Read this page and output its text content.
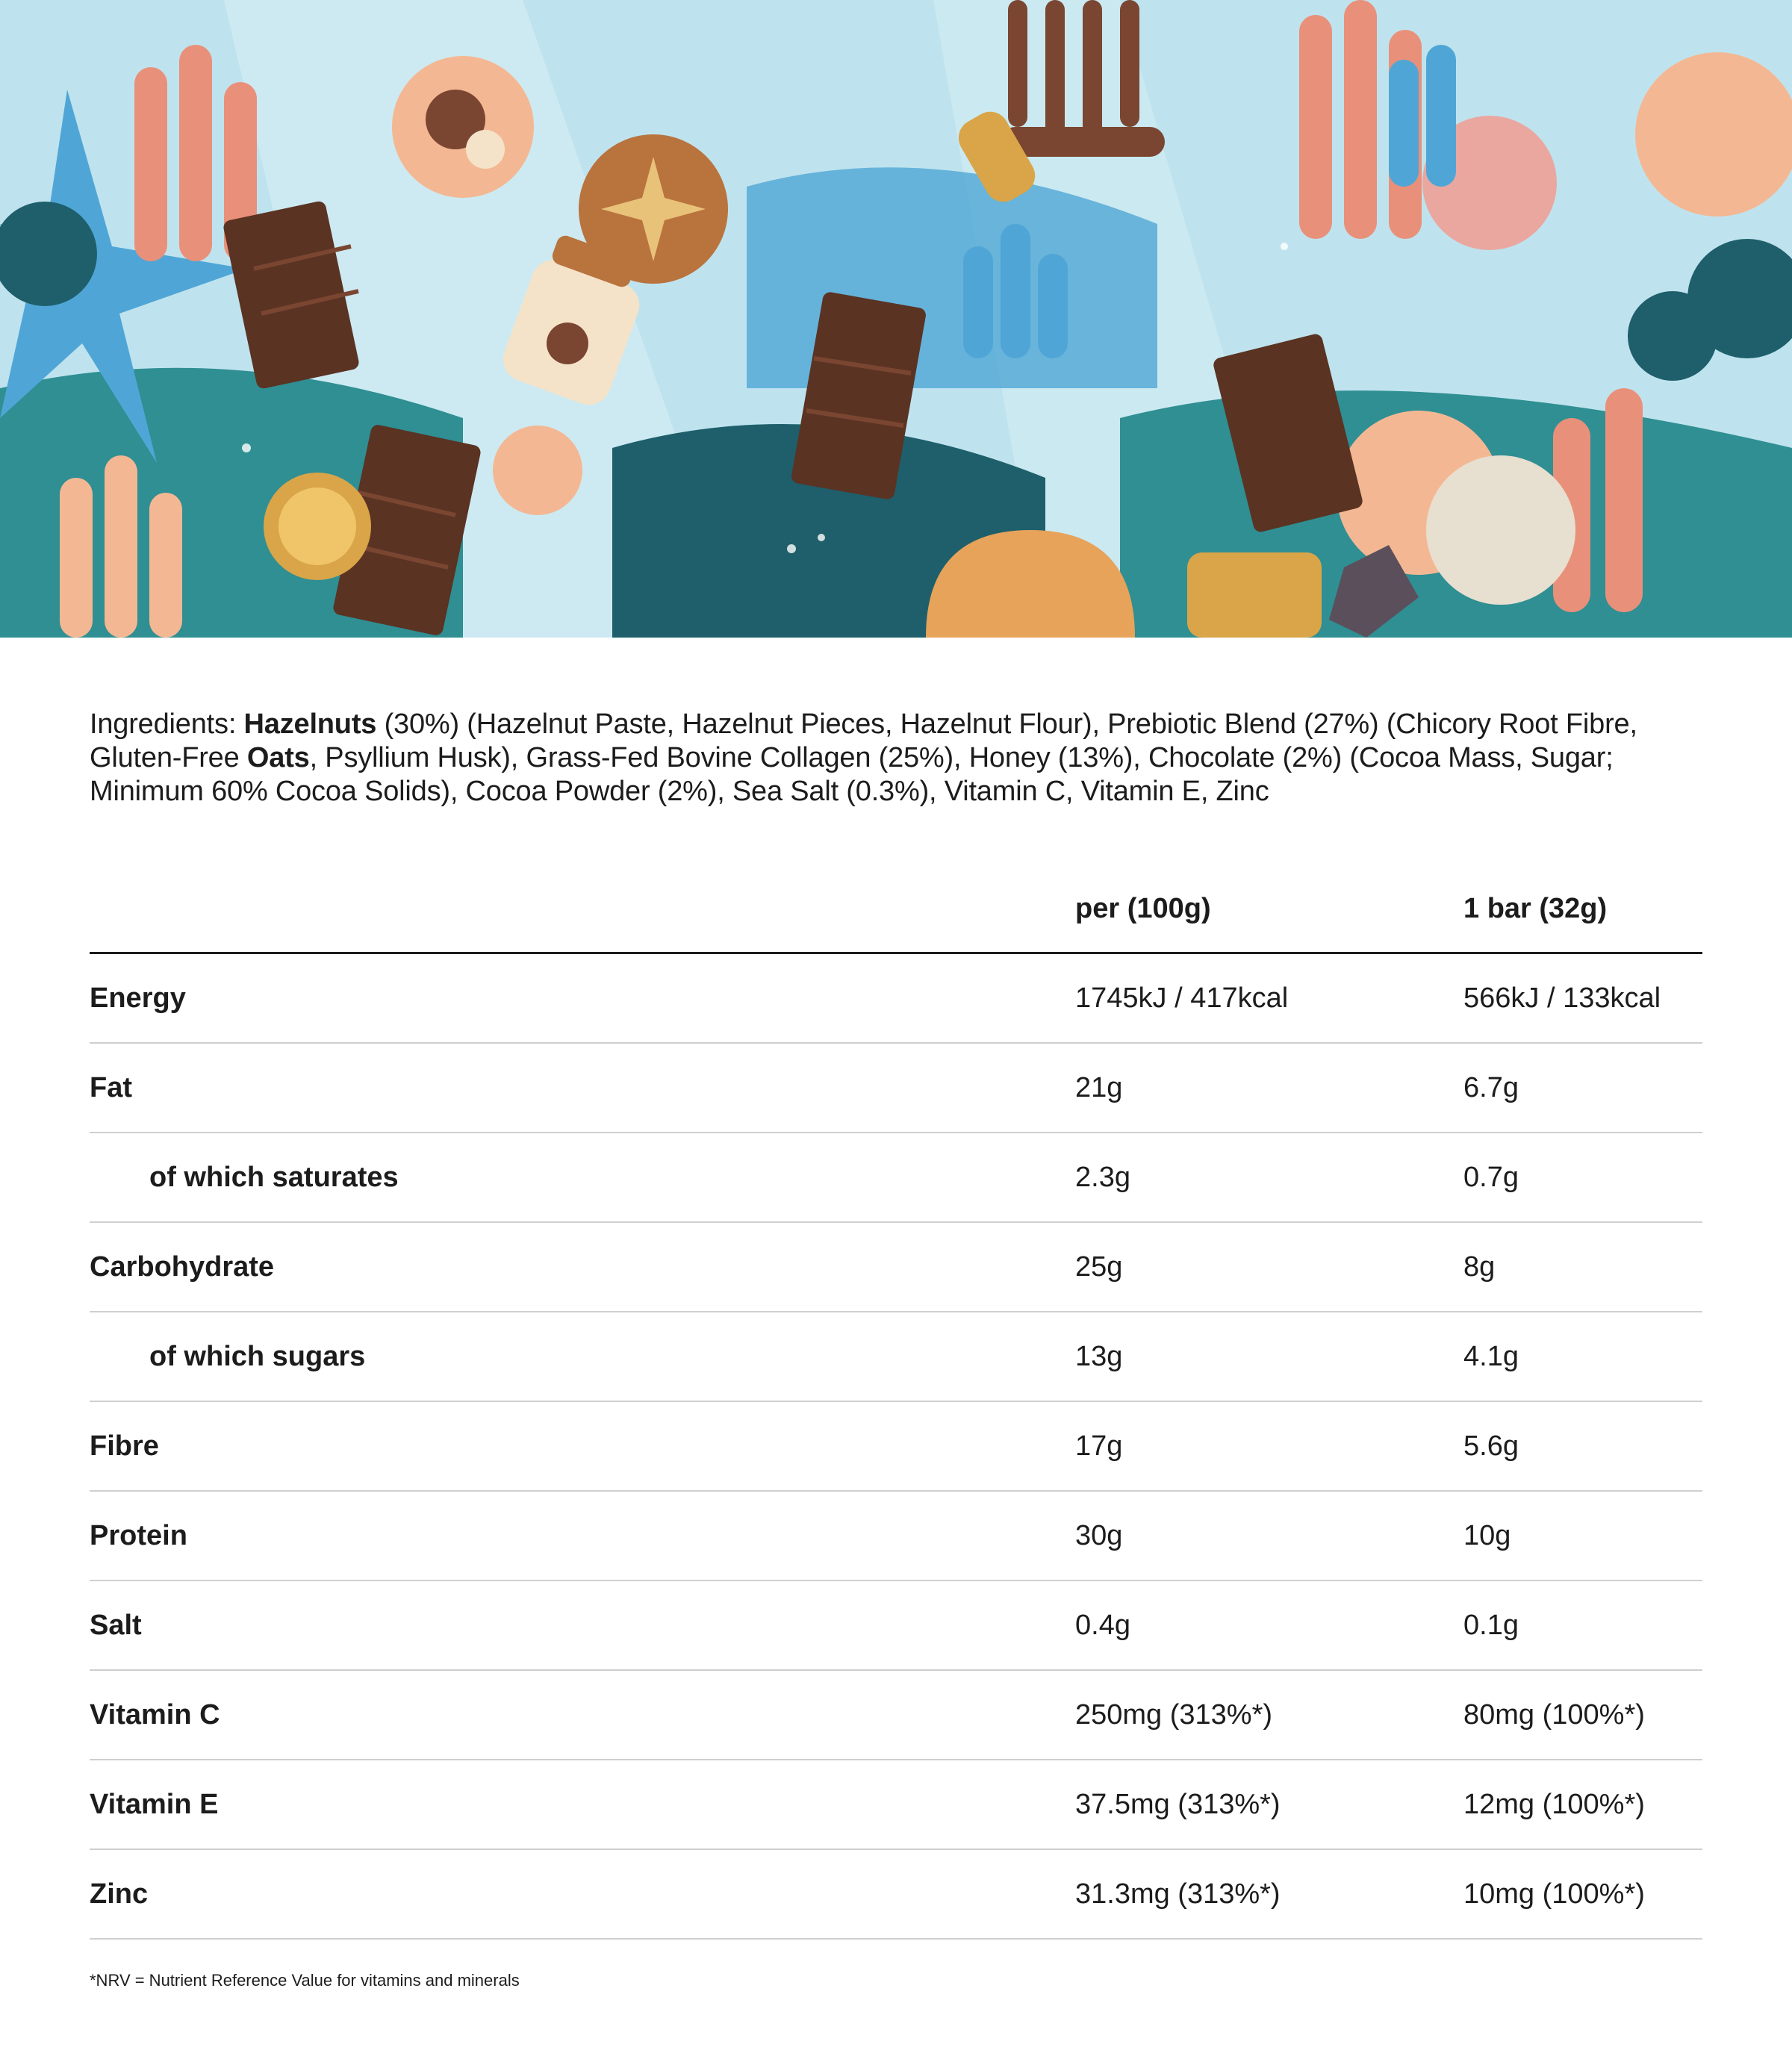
Ingredients: Hazelnuts (30%) (Hazelnut Paste, Hazelnut Pieces, Hazelnut Flour), Prebiotic Blend (27%) (Chicory Root Fibre, Gluten-Free Oats, Psyllium Husk), Grass-Fed Bovine Collagen (25%), Honey (13%), Chocolate (2%) (Cocoa Mass, Sugar; Minimum 60% Cocoa Solids), Cocoa Powder (2%), Sea Salt (0.3%), Vitamin C, Vitamin E, Zinc
per (100g)	1 bar (32g)
Energy	1745kJ / 417kcal	566kJ / 133kcal
Fat	21g	6.7g
of which saturates	2.3g	0.7g
Carbohydrate	25g	8g
of which sugars	13g	4.1g
Fibre	17g	5.6g
Protein	30g	10g
Salt	0.4g	0.1g
Vitamin C	250mg (313%*)	80mg (100%*)
Vitamin E	37.5mg (313%*)	12mg (100%*)
Zinc	31.3mg (313%*)	10mg (100%*)
*NRV = Nutrient Reference Value for vitamins and minerals
